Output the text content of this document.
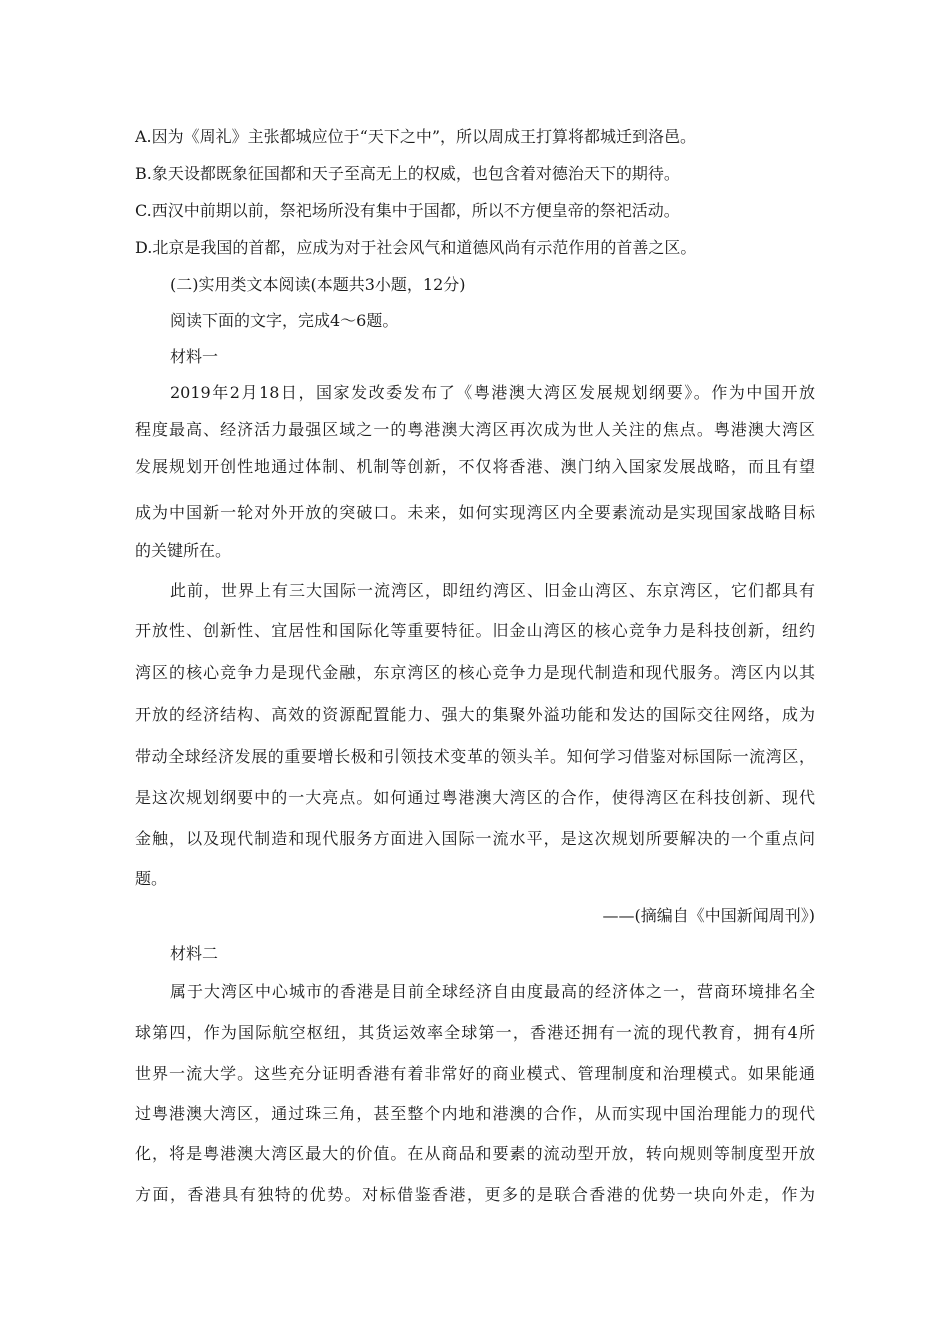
A.因为《周礼》主张都城应位于“天下之中”，所以周成王打算将都城迁到洛邑。
B.象天设都既象征国都和天子至高无上的权威，也包含着对德治天下的期待。
C.西汉中前期以前，祭祀场所没有集中于国都，所以不方便皇帝的祭祀活动。
D.北京是我国的首都，应成为对于社会风气和道德风尚有示范作用的首善之区。
(二)实用类文本阅读(本题共3小题，12分)
阅读下面的文字，完成4～6题。
材料一
2019年2月18日，国家发改委发布了《粤港澳大湾区发展规划纲要》。作为中国开放
程度最高、经济活力最强区域之一的粤港澳大湾区再次成为世人关注的焦点。粤港澳大湾区
发展规划开创性地通过体制、机制等创新，不仅将香港、澳门纳入国家发展战略，而且有望
成为中国新一轮对外开放的突破口。未来，如何实现湾区内全要素流动是实现国家战略目标
的关键所在。
此前，世界上有三大国际一流湾区，即纽约湾区、旧金山湾区、东京湾区，它们都具有
开放性、创新性、宜居性和国际化等重要特征。旧金山湾区的核心竞争力是科技创新，纽约
湾区的核心竞争力是现代金融，东京湾区的核心竞争力是现代制造和现代服务。湾区内以其
开放的经济结构、高效的资源配置能力、强大的集聚外溢功能和发达的国际交往网络，成为
带动全球经济发展的重要增长极和引领技术变革的领头羊。知何学习借鉴对标国际一流湾区，
是这次规划纲要中的一大亮点。如何通过粤港澳大湾区的合作，使得湾区在科技创新、现代
金触，以及现代制造和现代服务方面进入国际一流水平，是这次规划所要解决的一个重点问
题。
——(摘编自《中国新闻周刊》)
材料二
属于大湾区中心城市的香港是目前全球经济自由度最高的经济体之一，营商环境排名全
球第四，作为国际航空枢纽，其货运效率全球第一，香港还拥有一流的现代教育，拥有4所
世界一流大学。这些充分证明香港有着非常好的商业模式、管理制度和治理模式。如果能通
过粤港澳大湾区，通过珠三角，甚至整个内地和港澳的合作，从而实现中国治理能力的现代
化，将是粤港澳大湾区最大的价值。在从商品和要素的流动型开放，转向规则等制度型开放
方面，香港具有独特的优势。对标借鉴香港，更多的是联合香港的优势一块向外走，作为
